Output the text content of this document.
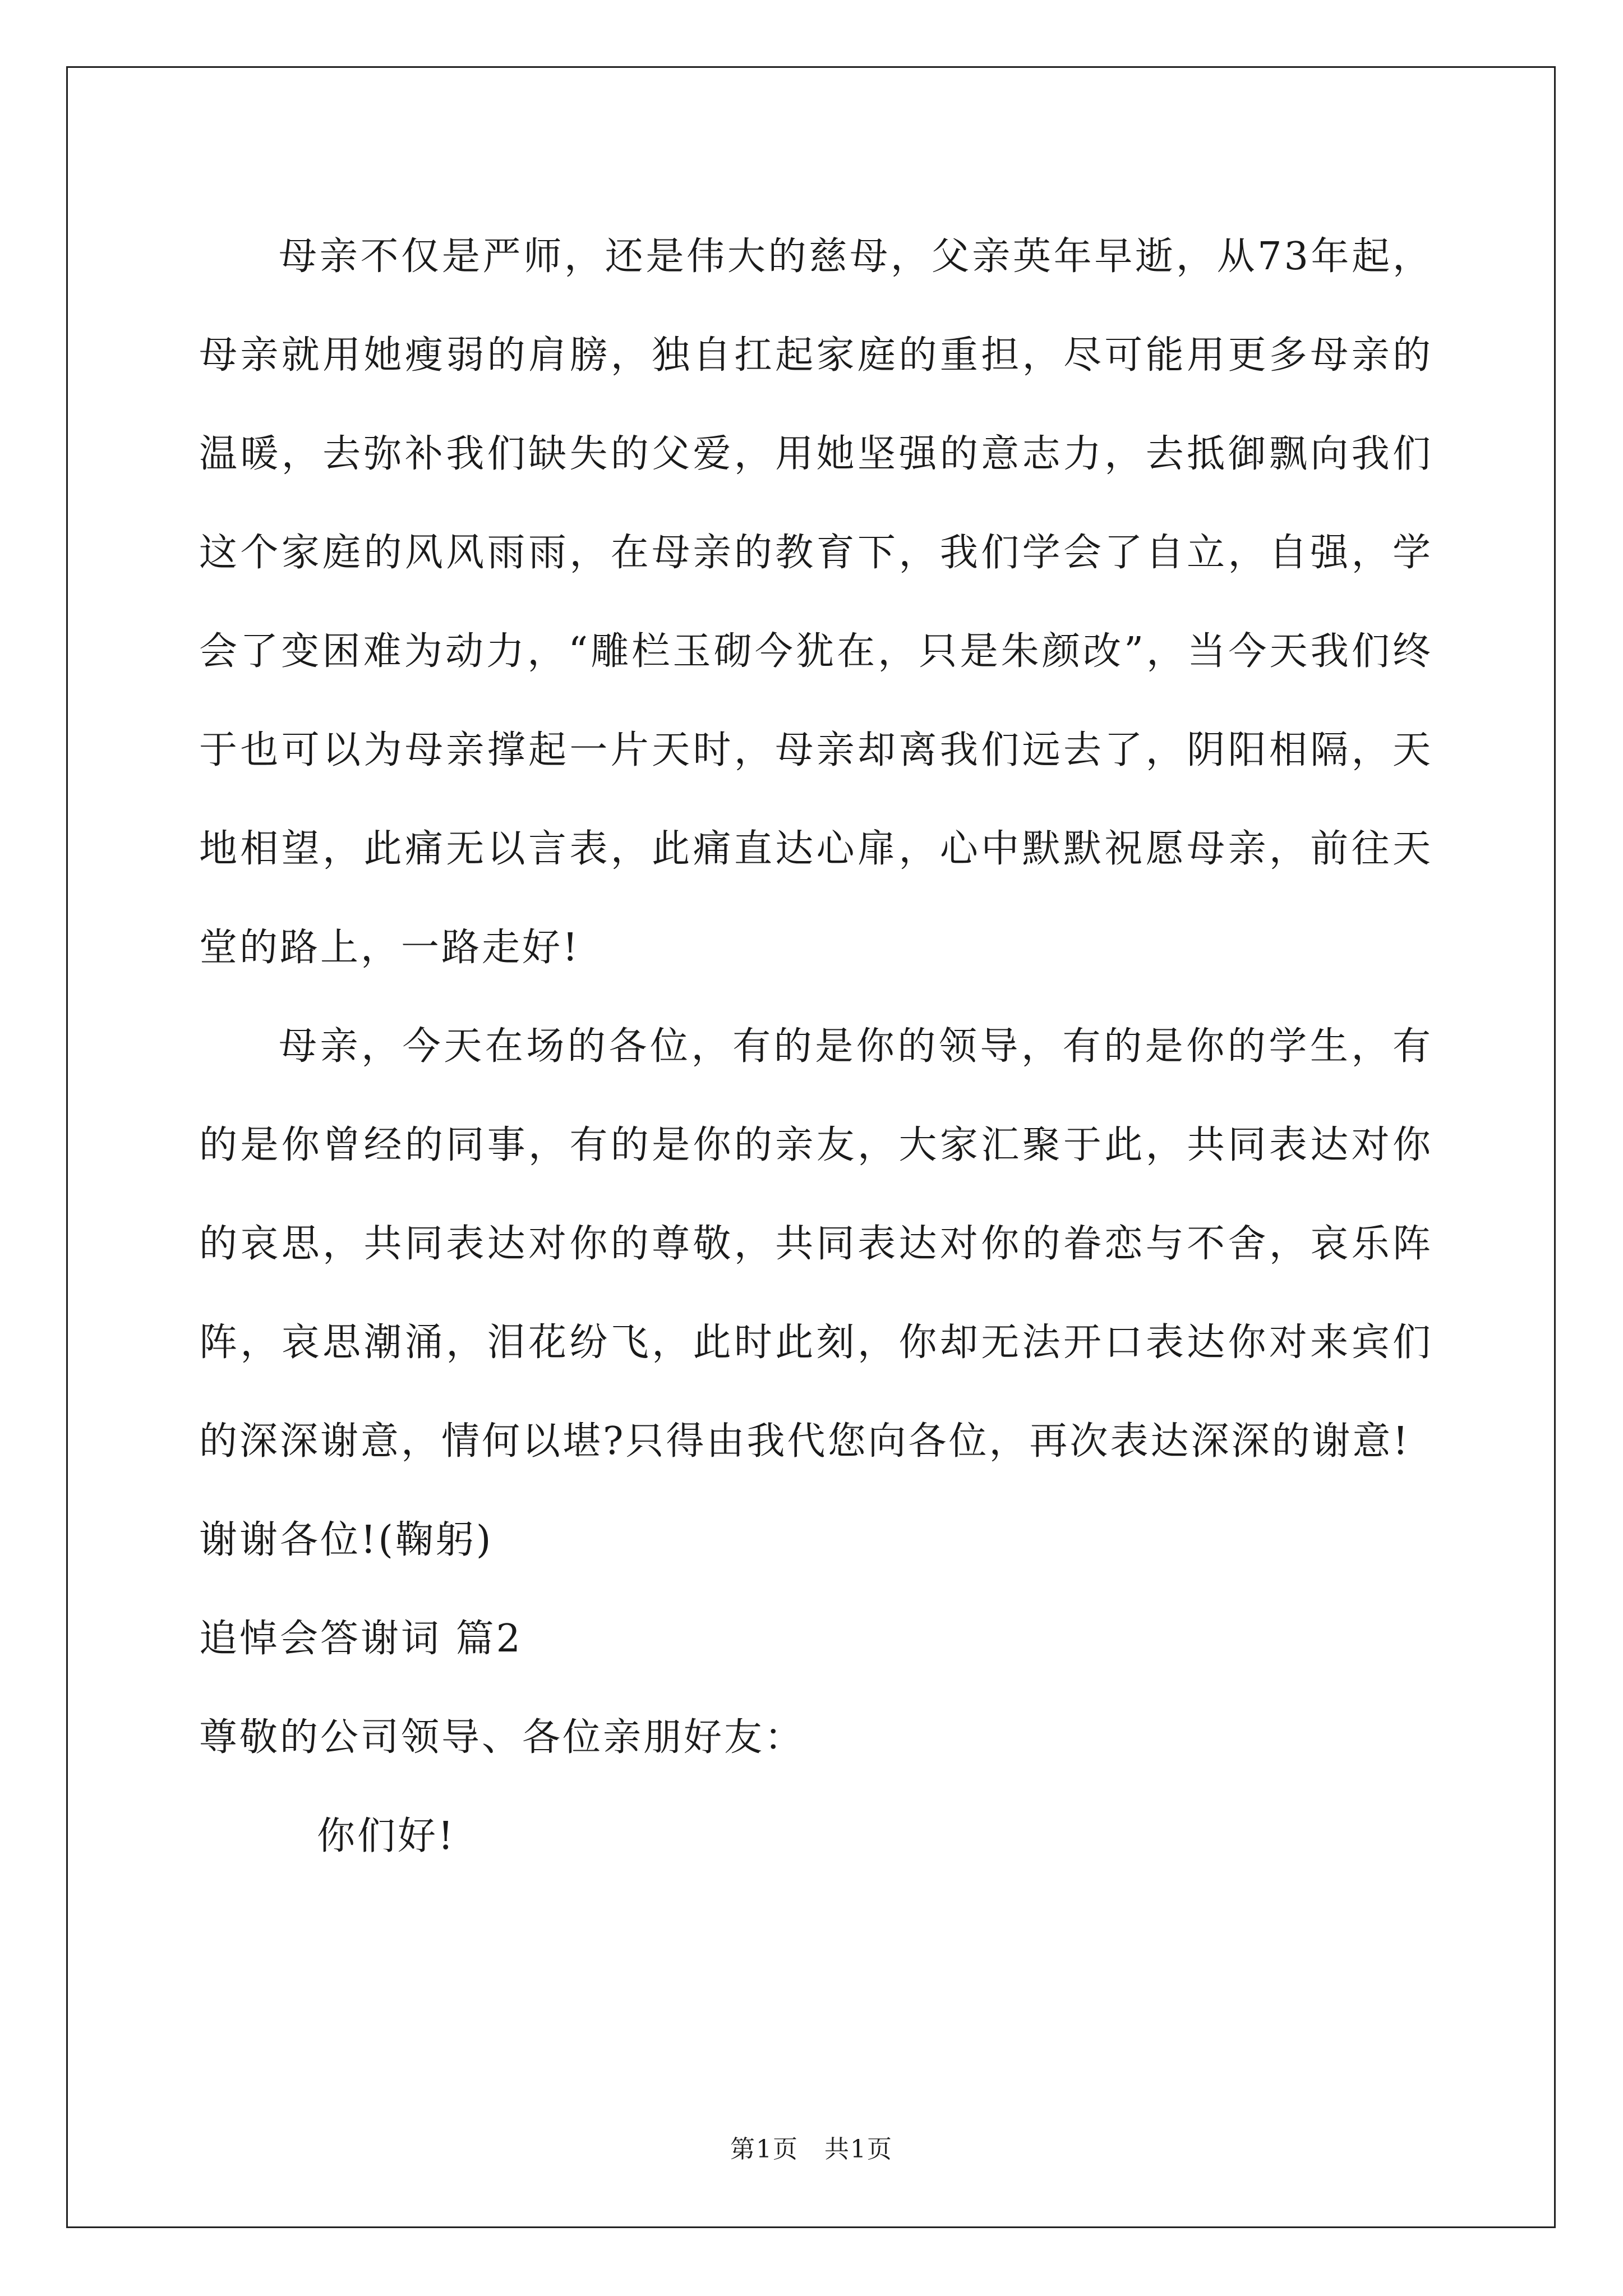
母亲不仅是严师，还是伟大的慈母，父亲英年早逝，从73年起，母亲就用她瘦弱的肩膀，独自扛起家庭的重担，尽可能用更多母亲的温暖，去弥补我们缺失的父爱，用她坚强的意志力，去抵御飘向我们这个家庭的风风雨雨，在母亲的教育下，我们学会了自立，自强，学会了变困难为动力，“雕栏玉砌今犹在，只是朱颜改”，当今天我们终于也可以为母亲撑起一片天时，母亲却离我们远去了，阴阳相隔，天地相望，此痛无以言表，此痛直达心扉，心中默默祝愿母亲，前往天堂的路上，一路走好!

母亲，今天在场的各位，有的是你的领导，有的是你的学生，有的是你曾经的同事，有的是你的亲友，大家汇聚于此，共同表达对你的哀思，共同表达对你的尊敬，共同表达对你的眷恋与不舍，哀乐阵阵，哀思潮涌，泪花纷飞，此时此刻，你却无法开口表达你对来宾们的深深谢意，情何以堪?只得由我代您向各位，再次表达深深的谢意!

谢谢各位!(鞠躬)

追悼会答谢词 篇2

尊敬的公司领导、各位亲朋好友：

你们好!

第1页　共1页
